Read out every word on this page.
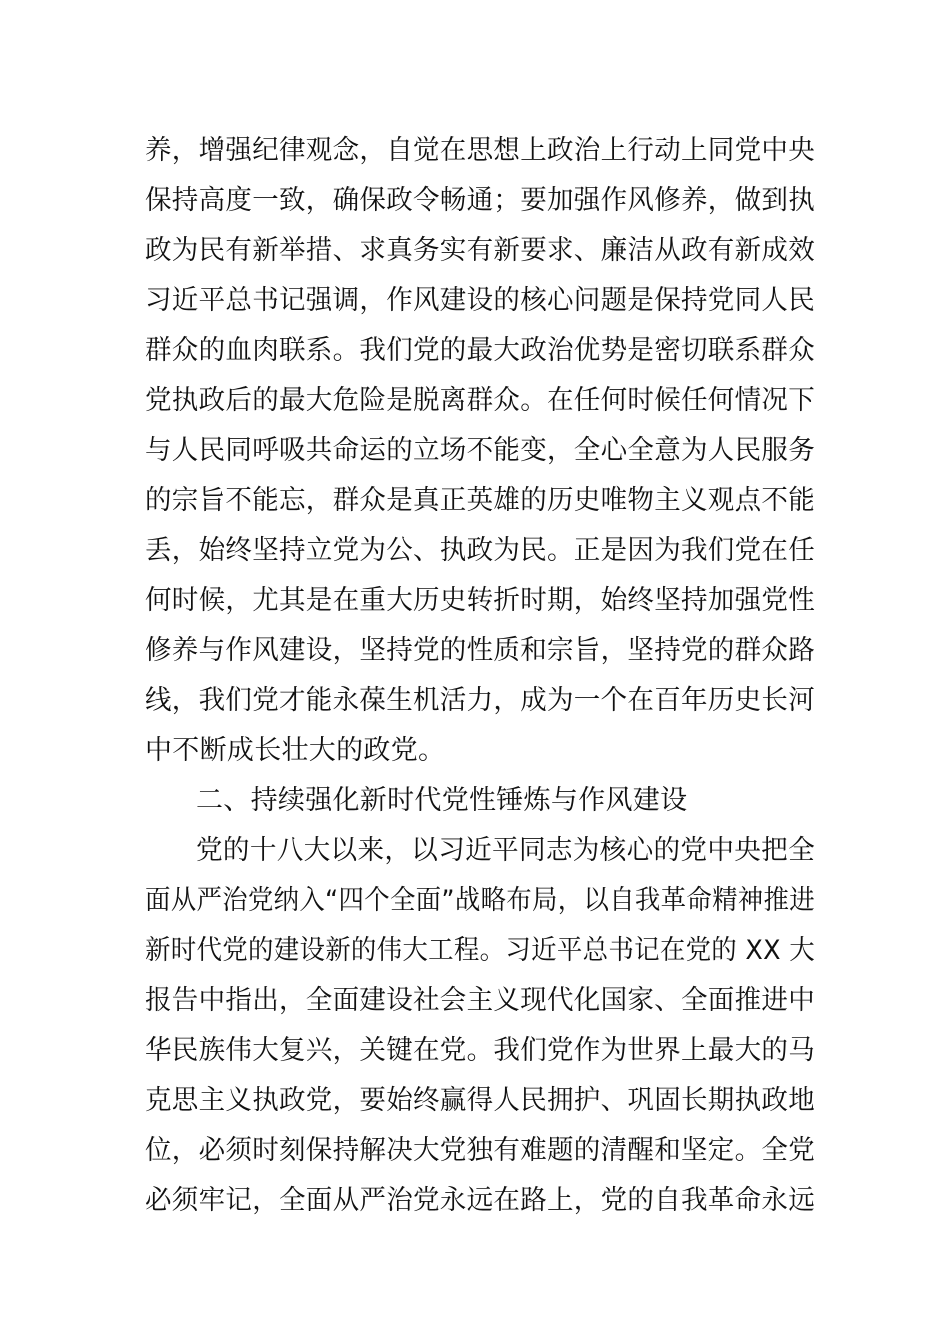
养，增强纪律观念，自觉在思想上政治上行动上同党中央
保持高度一致，确保政令畅通；要加强作风修养，做到执
政为民有新举措、求真务实有新要求、廉洁从政有新成效
习近平总书记强调，作风建设的核心问题是保持党同人民
群众的血肉联系。我们党的最大政治优势是密切联系群众
党执政后的最大危险是脱离群众。在任何时候任何情况下
与人民同呼吸共命运的立场不能变，全心全意为人民服务
的宗旨不能忘，群众是真正英雄的历史唯物主义观点不能
丢，始终坚持立党为公、执政为民。正是因为我们党在任
何时候，尤其是在重大历史转折时期，始终坚持加强党性
修养与作风建设，坚持党的性质和宗旨，坚持党的群众路
线，我们党才能永葆生机活力，成为一个在百年历史长河
中不断成长壮大的政党。
二、持续强化新时代党性锤炼与作风建设
党的十八大以来，以习近平同志为核心的党中央把全
面从严治党纳入“四个全面”战略布局，以自我革命精神推进
新时代党的建设新的伟大工程。习近平总书记在党的 XX 大
报告中指出，全面建设社会主义现代化国家、全面推进中
华民族伟大复兴，关键在党。我们党作为世界上最大的马
克思主义执政党，要始终赢得人民拥护、巩固长期执政地
位，必须时刻保持解决大党独有难题的清醒和坚定。全党
必须牢记，全面从严治党永远在路上，党的自我革命永远
